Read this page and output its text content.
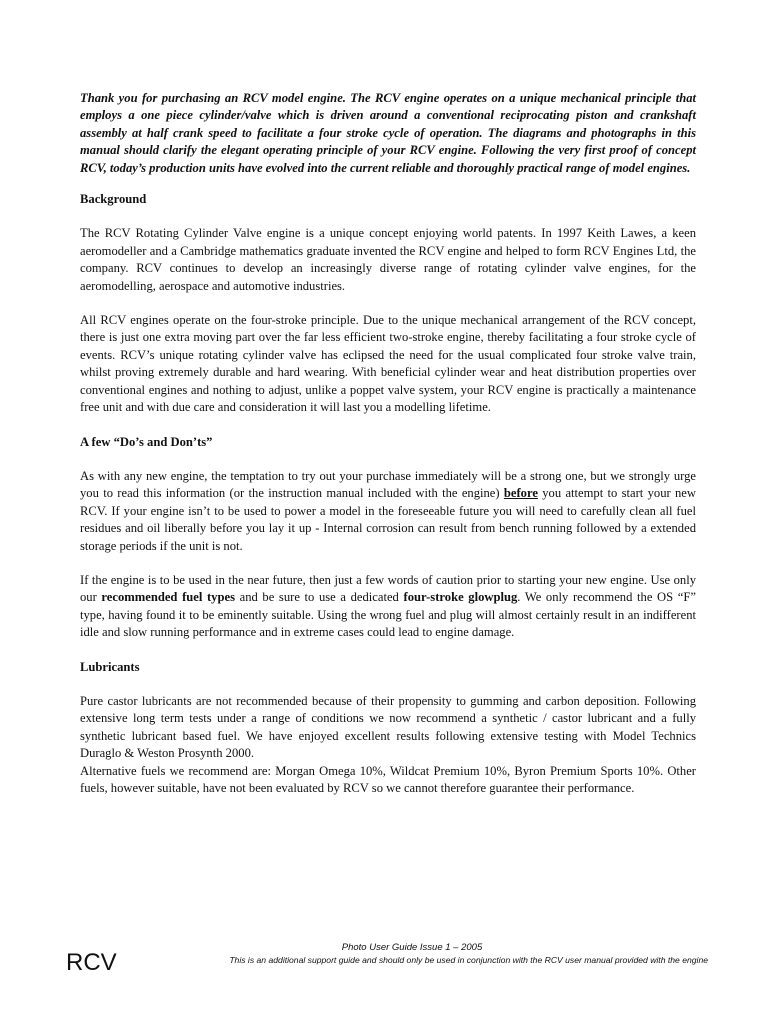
Thank you for purchasing an RCV model engine. The RCV engine operates on a unique mechanical principle that employs a one piece cylinder/valve which is driven around a conventional reciprocating piston and crankshaft assembly at half crank speed to facilitate a four stroke cycle of operation. The diagrams and photographs in this manual should clarify the elegant operating principle of your RCV engine. Following the very first proof of concept RCV, today’s production units have evolved into the current reliable and thoroughly practical range of model engines.

Background

The RCV Rotating Cylinder Valve engine is a unique concept enjoying world patents. In 1997 Keith Lawes, a keen aeromodeller and a Cambridge mathematics graduate invented the RCV engine and helped to form RCV Engines Ltd, the company. RCV continues to develop an increasingly diverse range of rotating cylinder valve engines, for the aeromodelling, aerospace and automotive industries.

All RCV engines operate on the four-stroke principle. Due to the unique mechanical arrangement of the RCV concept, there is just one extra moving part over the far less efficient two-stroke engine, thereby facilitating a four stroke cycle of events. RCV’s unique rotating cylinder valve has eclipsed the need for the usual complicated four stroke valve train, whilst proving extremely durable and hard wearing. With beneficial cylinder wear and heat distribution properties over conventional engines and nothing to adjust, unlike a poppet valve system, your RCV engine is practically a maintenance free unit and with due care and consideration it will last you a modelling lifetime.

A few “Do’s and Don’ts”

As with any new engine, the temptation to try out your purchase immediately will be a strong one, but we strongly urge you to read this information (or the instruction manual included with the engine) before you attempt to start your new RCV. If your engine isn’t to be used to power a model in the foreseeable future you will need to carefully clean all fuel residues and oil liberally before you lay it up - Internal corrosion can result from bench running followed by a extended storage periods if the unit is not.

If the engine is to be used in the near future, then just a few words of caution prior to starting your new engine. Use only our recommended fuel types and be sure to use a dedicated four-stroke glowplug. We only recommend the OS “F” type, having found it to be eminently suitable. Using the wrong fuel and plug will almost certainly result in an indifferent idle and slow running performance and in extreme cases could lead to engine damage.

Lubricants

Pure castor lubricants are not recommended because of their propensity to gumming and carbon deposition. Following extensive long term tests under a range of conditions we now recommend a synthetic / castor lubricant and a fully synthetic lubricant based fuel. We have enjoyed excellent results following extensive testing with Model Technics Duraglo & Weston Prosynth 2000.

Alternative fuels we recommend are: Morgan Omega 10%, Wildcat Premium 10%, Byron Premium Sports 10%. Other fuels, however suitable, have not been evaluated by RCV so we cannot therefore guarantee their performance.

RCV
Photo User Guide Issue 1 – 2005
This is an additional support guide and should only be used in conjunction with the RCV user manual provided with the engine
